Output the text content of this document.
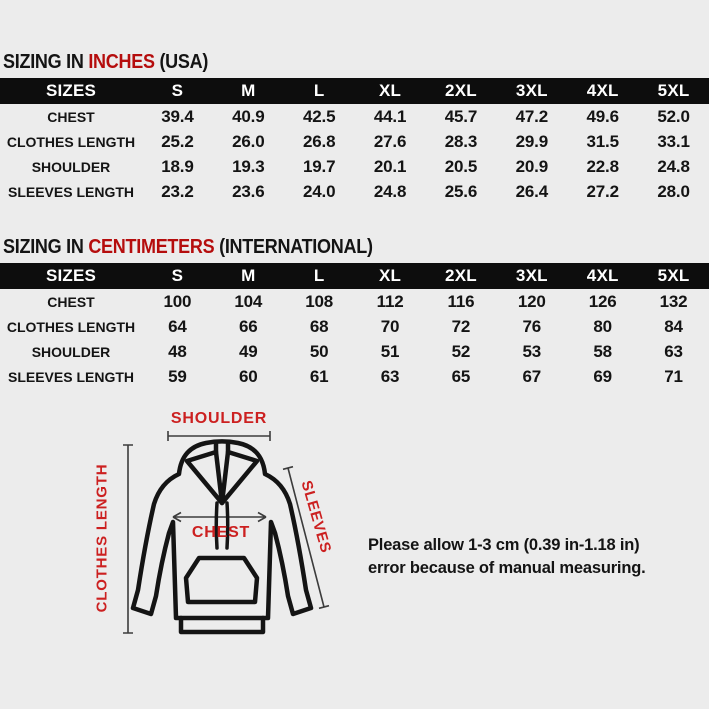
SIZING IN INCHES (USA)
SIZES	S	M	L	XL	2XL	3XL	4XL	5XL
CHEST	39.4	40.9	42.5	44.1	45.7	47.2	49.6	52.0
CLOTHES LENGTH	25.2	26.0	26.8	27.6	28.3	29.9	31.5	33.1
SHOULDER	18.9	19.3	19.7	20.1	20.5	20.9	22.8	24.8
SLEEVES LENGTH	23.2	23.6	24.0	24.8	25.6	26.4	27.2	28.0
SIZING IN CENTIMETERS (INTERNATIONAL)
SIZES	S	M	L	XL	2XL	3XL	4XL	5XL
CHEST	100	104	108	112	116	120	126	132
CLOTHES LENGTH	64	66	68	70	72	76	80	84
SHOULDER	48	49	50	51	52	53	58	63
SLEEVES LENGTH	59	60	61	63	65	67	69	71
SHOULDER
CLOTHES LENGTH	SLEEVES
CHEST
Please allow 1-3 cm (0.39 in-1.18 in)
error because of manual measuring.
